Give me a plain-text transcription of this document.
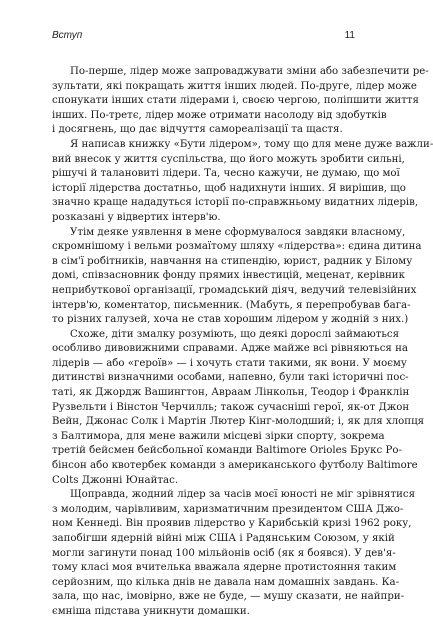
Вступ	11
По-перше, лідер може запроваджувати зміни або забезпечити ре-
зультати, які покращать життя інших людей. По-друге, лідер може
спонукати інших стати лідерами і, своєю чергою, поліпшити життя
інших. По-третє, лідер може отримати насолоду від здобутків
і досягнень, що дає відчуття самореалізації та щастя.
Я написав книжку «Бути лідером», тому що для мене дуже важли-
вий внесок у життя суспільства, що його можуть зробити сильні,
рішучі й талановиті лідери. Та, чесно кажучи, не думаю, що мої
історії лідерства достатньо, щоб надихнути інших. Я вирішив, що
значно краще нададуться історії по-справжньому видатних лідерів,
розказані у відвертих інтерв'ю.
Утім деяке уявлення в мене сформувалося завдяки власному,
скромнішому і вельми розмаїтому шляху «лідерства»: єдина дитина
в сім'ї робітників, навчання на стипендію, юрист, радник у Білому
домі, співзасновник фонду прямих інвестицій, меценат, керівник
неприбуткової організації, громадський діяч, ведучий телевізійних
інтерв'ю, коментатор, письменник. (Мабуть, я перепробував бага-
то різних галузей, хоча не став хорошим лідером у жодній з них.)
Схоже, діти змалку розуміють, що деякі дорослі займаються
особливо дивовижними справами. Адже майже всі рівняються на
лідерів — або «героїв» — і хочуть стати такими, як вони. У моєму
дитинстві визначними особами, напевно, були такі історичні пос-
таті, як Джордж Вашингтон, Авраам Лінкольн, Теодор і Франклін
Рузвельти і Вінстон Черчилль; також сучасніші герої, як-от Джон
Вейн, Джонас Солк і Мартін Лютер Кінг-молодший; і, як для хлопця
з Балтимора, для мене важили місцеві зірки спорту, зокрема
третій бейсмен бейсбольної команди Baltimore Orioles Брукс Ро-
бінсон або квотербек команди з американського футболу Baltimore
Colts Джонні Юнайтас.
Щоправда, жодний лідер за часів моєї юності не міг зрівнятися
з молодим, чарівливим, харизматичним президентом США Джо-
ном Кеннеді. Він проявив лідерство у Карибській кризі 1962 року,
запобігши ядерній війні між США і Радянським Союзом, у якій
могли загинути понад 100 мільйонів осіб (як я боявся). У дев'я-
тому класі моя вчителька вважала ядерне протистояння таким
серйозним, що кілька днів не давала нам домашніх завдань. Ка-
зала, що нас, імовірно, вже не буде, — мушу сказати, не найпри-
ємніша підстава уникнути домашки.
